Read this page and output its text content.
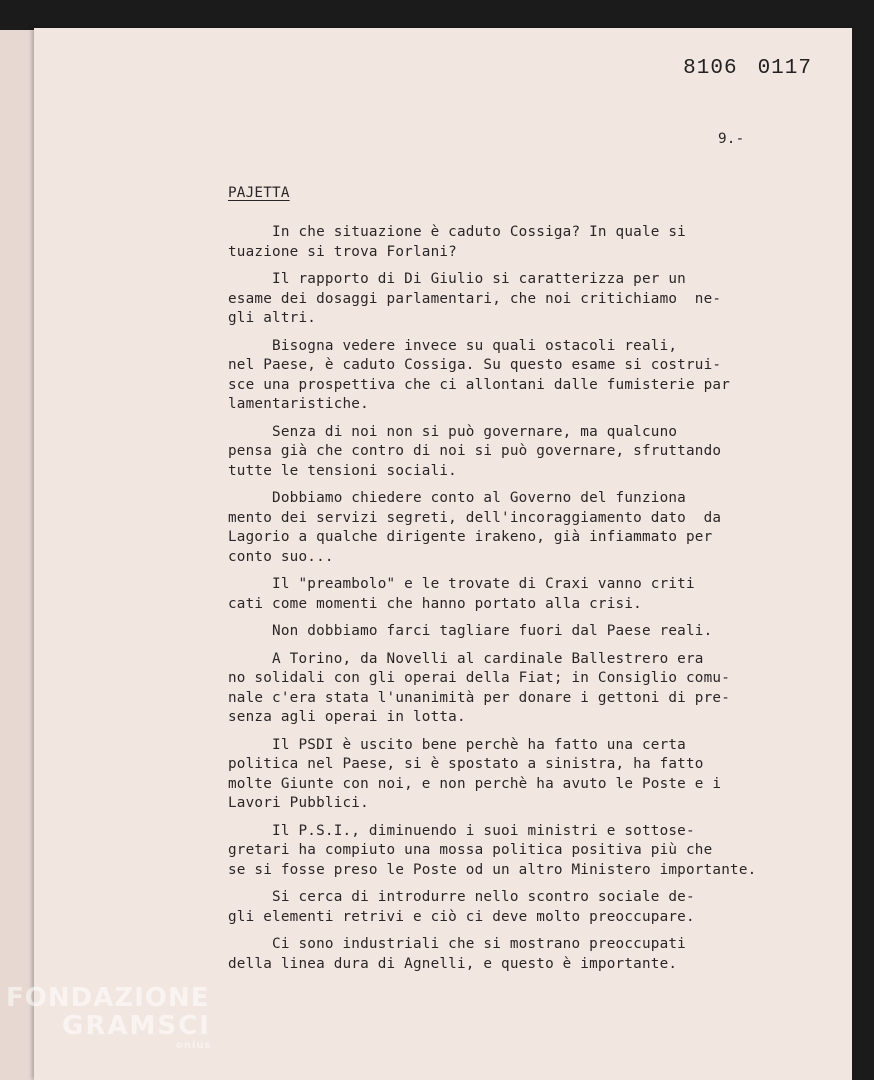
8106 0117

9.-

PAJETTA

In che situazione è caduto Cossiga? In quale si
tuazione si trova Forlani?

Il rapporto di Di Giulio si caratterizza per un
esame dei dosaggi parlamentari, che noi critichiamo  ne-
gli altri.

Bisogna vedere invece su quali ostacoli reali,
nel Paese, è caduto Cossiga. Su questo esame si costrui-
sce una prospettiva che ci allontani dalle fumisterie par
lamentaristiche.

Senza di noi non si può governare, ma qualcuno
pensa già che contro di noi si può governare, sfruttando
tutte le tensioni sociali.

Dobbiamo chiedere conto al Governo del funziona
mento dei servizi segreti, dell'incoraggiamento dato  da
Lagorio a qualche dirigente irakeno, già infiammato per
conto suo...

Il "preambolo" e le trovate di Craxi vanno criti
cati come momenti che hanno portato alla crisi.

Non dobbiamo farci tagliare fuori dal Paese reali.

A Torino, da Novelli al cardinale Ballestrero era
no solidali con gli operai della Fiat; in Consiglio comu-
nale c'era stata l'unanimità per donare i gettoni di pre-
senza agli operai in lotta.

Il PSDI è uscito bene perchè ha fatto una certa
politica nel Paese, si è spostato a sinistra, ha fatto
molte Giunte con noi, e non perchè ha avuto le Poste e i
Lavori Pubblici.

Il P.S.I., diminuendo i suoi ministri e sottose-
gretari ha compiuto una mossa politica positiva più che
se si fosse preso le Poste od un altro Ministero importante.

Si cerca di introdurre nello scontro sociale de-
gli elementi retrivi e ciò ci deve molto preoccupare.

Ci sono industriali che si mostrano preoccupati
della linea dura di Agnelli, e questo è importante.

FONDAZIONE
GRAMSCI
onlus
